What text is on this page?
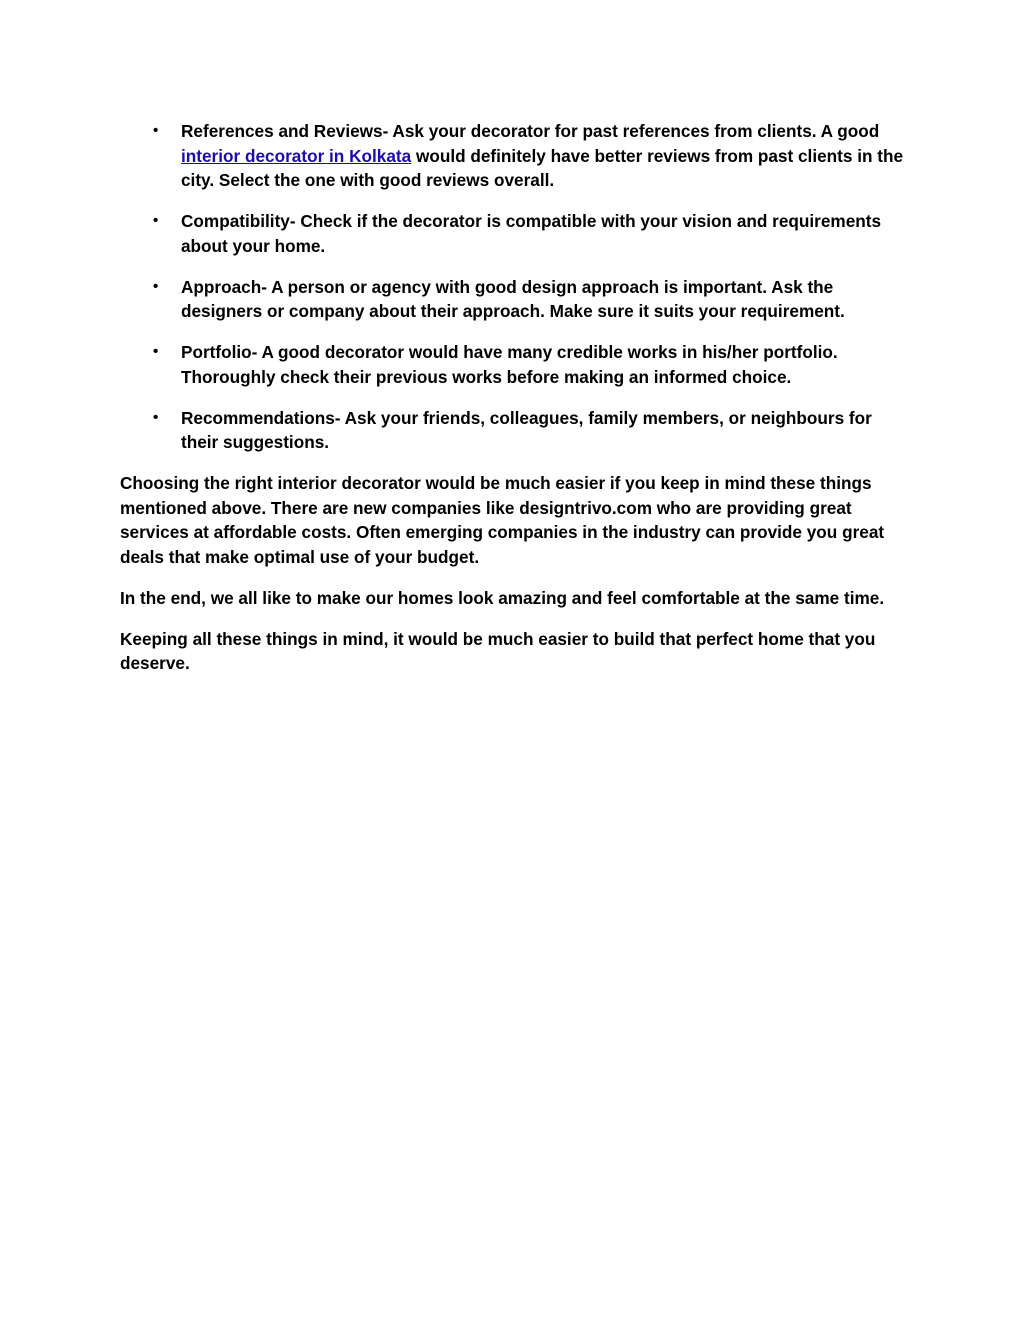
• References and Reviews- Ask your decorator for past references from clients. A good interior decorator in Kolkata would definitely have better reviews from past clients in the city. Select the one with good reviews overall.
• Compatibility- Check if the decorator is compatible with your vision and requirements about your home.
• Approach- A person or agency with good design approach is important. Ask the designers or company about their approach. Make sure it suits your requirement.
• Portfolio- A good decorator would have many credible works in his/her portfolio. Thoroughly check their previous works before making an informed choice.
• Recommendations- Ask your friends, colleagues, family members, or neighbours for their suggestions.

Choosing the right interior decorator would be much easier if you keep in mind these things mentioned above. There are new companies like designtrivo.com who are providing great services at affordable costs. Often emerging companies in the industry can provide you great deals that make optimal use of your budget.

In the end, we all like to make our homes look amazing and feel comfortable at the same time.

Keeping all these things in mind, it would be much easier to build that perfect home that you deserve.
